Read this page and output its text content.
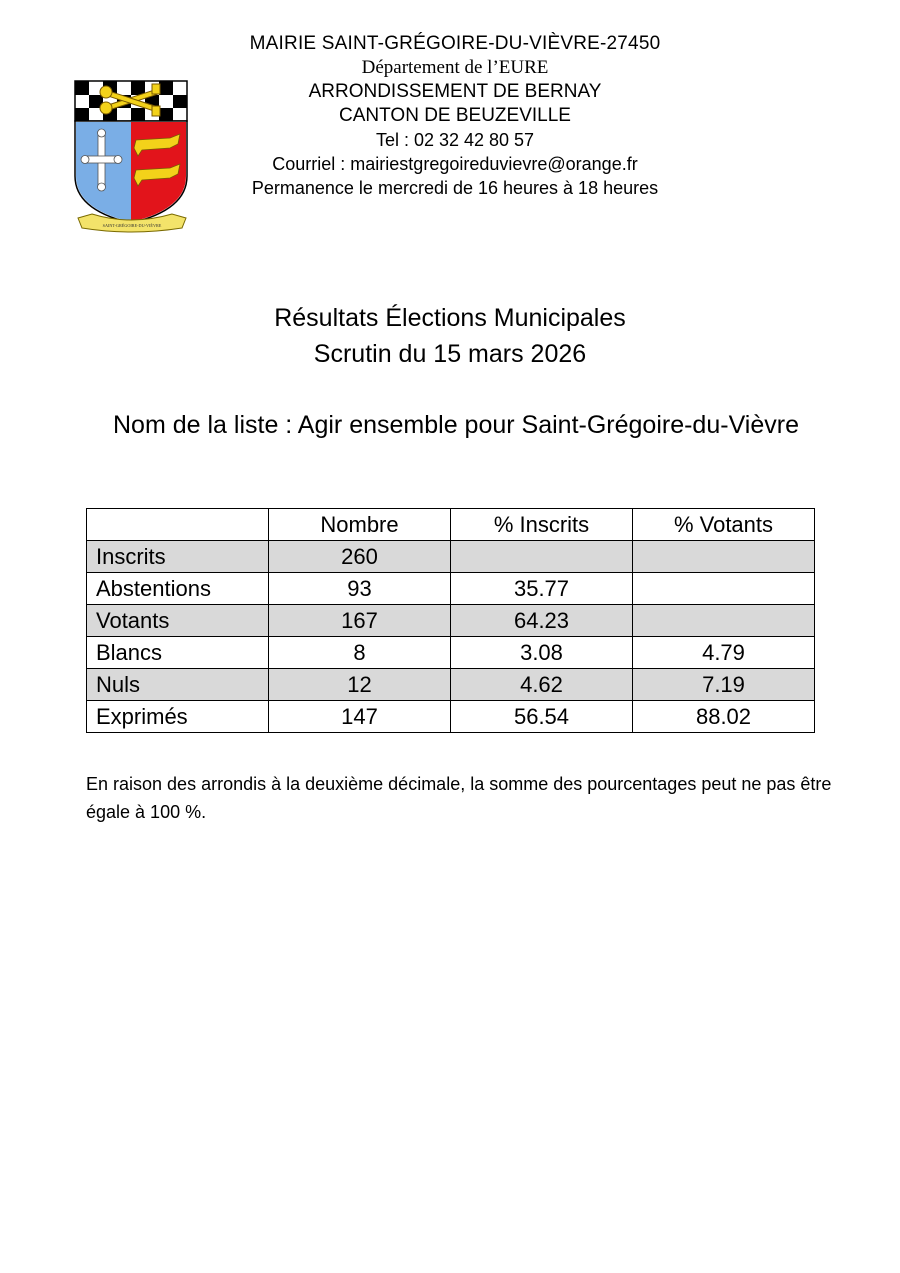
SAINT-GRÉGOIRE-DU-VIÈVRE
MAIRIE SAINT-GRÉGOIRE-DU-VIÈVRE-27450
Département de l’EURE
ARRONDISSEMENT DE BERNAY
CANTON DE BEUZEVILLE
Tel : 02 32 42 80 57
Courriel : mairiestgregoireduvievre@orange.fr
Permanence le mercredi de 16 heures à 18 heures
Résultats Élections Municipales
Scrutin du 15 mars 2026
Nom de la liste : Agir ensemble pour Saint-Grégoire-du-Vièvre
	Nombre	% Inscrits	% Votants
Inscrits	260		
Abstentions	93	35.77	
Votants	167	64.23	
Blancs	8	3.08	4.79
Nuls	12	4.62	7.19
Exprimés	147	56.54	88.02
En raison des arrondis à la deuxième décimale, la somme des pourcentages peut ne pas être égale à 100 %.
